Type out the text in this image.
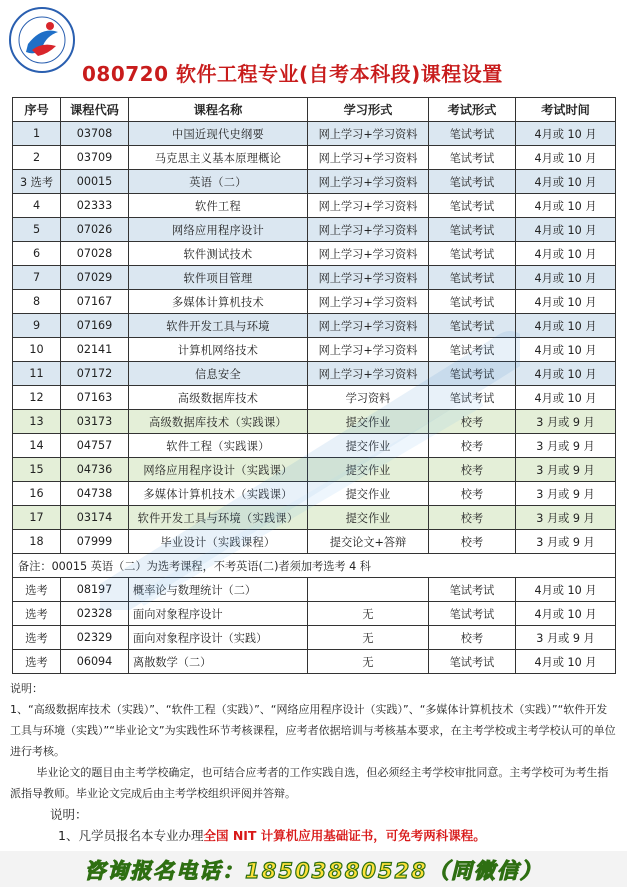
080720 软件工程专业(自考本科段)课程设置
序号	课程代码	课程名称	学习形式	考试形式	考试时间
1	03708	中国近现代史纲要	网上学习+学习资料	笔试考试	4月或 10 月
2	03709	马克思主义基本原理概论	网上学习+学习资料	笔试考试	4月或 10 月
3 选考	00015	英语（二）	网上学习+学习资料	笔试考试	4月或 10 月
4	02333	软件工程	网上学习+学习资料	笔试考试	4月或 10 月
5	07026	网络应用程序设计	网上学习+学习资料	笔试考试	4月或 10 月
6	07028	软件测试技术	网上学习+学习资料	笔试考试	4月或 10 月
7	07029	软件项目管理	网上学习+学习资料	笔试考试	4月或 10 月
8	07167	多媒体计算机技术	网上学习+学习资料	笔试考试	4月或 10 月
9	07169	软件开发工具与环境	网上学习+学习资料	笔试考试	4月或 10 月
10	02141	计算机网络技术	网上学习+学习资料	笔试考试	4月或 10 月
11	07172	信息安全	网上学习+学习资料	笔试考试	4月或 10 月
12	07163	高级数据库技术	学习资料	笔试考试	4月或 10 月
13	03173	高级数据库技术（实践课）	提交作业	校考	3 月或 9 月
14	04757	软件工程（实践课）	提交作业	校考	3 月或 9 月
15	04736	网络应用程序设计（实践课）	提交作业	校考	3 月或 9 月
16	04738	多媒体计算机技术（实践课）	提交作业	校考	3 月或 9 月
17	03174	软件开发工具与环境（实践课）	提交作业	校考	3 月或 9 月
18	07999	毕业设计（实践课程）	提交论文+答辩	校考	3 月或 9 月
备注：00015 英语（二）为选考课程，不考英语(二)者须加考选考 4 科					
选考	08197	概率论与数理统计（二）		笔试考试	4月或 10 月
选考	02328	面向对象程序设计	无	笔试考试	4月或 10 月
选考	02329	面向对象程序设计（实践）	无	校考	3 月或 9 月
选考	06094	离散数学（二）	无	笔试考试	4月或 10 月

说明：

1、“高级数据库技术（实践）”、“软件工程（实践）”、“网络应用程序设计（实践）”、“多媒体计算机技术（实践）”“软件开发工具与环境（实践）”“毕业论文”为实践性环节考核课程，应考者依据培训与考核基本要求，在主考学校或主考学校认可的单位进行考核。

毕业论文的题目由主考学校确定，也可结合应考者的工作实践自选，但必须经主考学校审批同意。主考学校可为考生指派指导教师。毕业论文完成后由主考学校组织评阅并答辩。

说明：

1、凡学员报名本专业办理全国 NIT 计算机应用基础证书，可免考两科课程。

咨询报名电话：18503880528（同微信）
